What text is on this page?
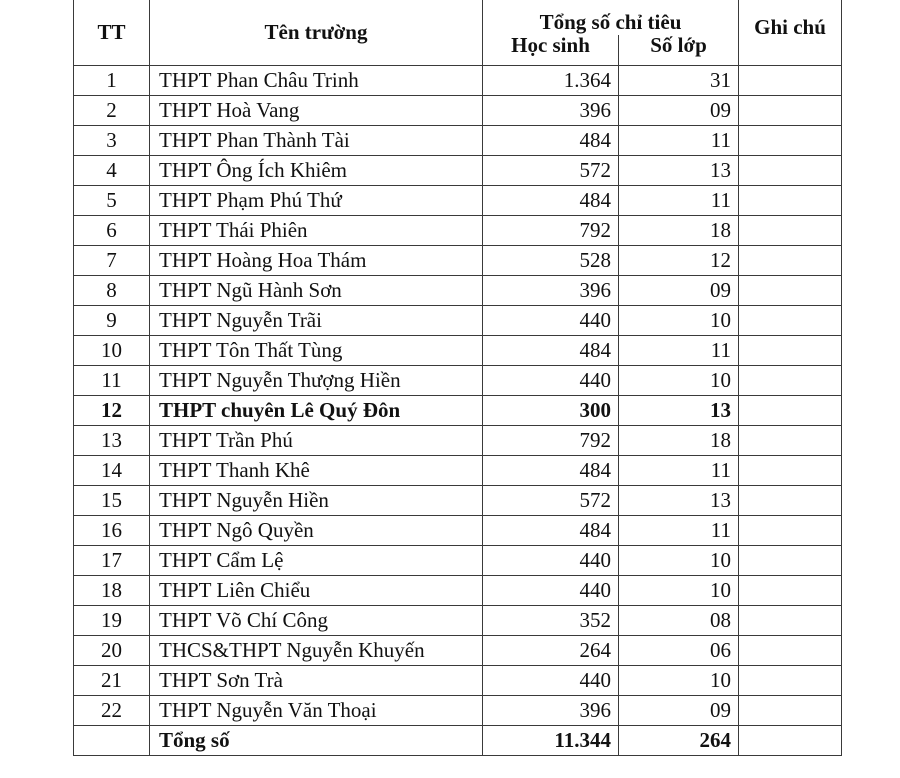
TT	Tên trường	Tổng số chỉ tiêu		Ghi chú
		Học sinh	Số lớp	
1	THPT Phan Châu Trinh	1.364	31	
2	THPT Hoà Vang	396	09	
3	THPT Phan Thành Tài	484	11	
4	THPT Ông Ích Khiêm	572	13	
5	THPT Phạm Phú Thứ	484	11	
6	THPT Thái Phiên	792	18	
7	THPT Hoàng Hoa Thám	528	12	
8	THPT Ngũ Hành Sơn	396	09	
9	THPT Nguyễn Trãi	440	10	
10	THPT Tôn Thất Tùng	484	11	
11	THPT Nguyễn Thượng Hiền	440	10	
12	THPT chuyên Lê Quý Đôn	300	13	
13	THPT Trần Phú	792	18	
14	THPT Thanh Khê	484	11	
15	THPT Nguyễn Hiền	572	13	
16	THPT Ngô Quyền	484	11	
17	THPT Cẩm Lệ	440	10	
18	THPT Liên Chiểu	440	10	
19	THPT Võ Chí Công	352	08	
20	THCS&THPT Nguyễn Khuyến	264	06	
21	THPT Sơn Trà	440	10	
22	THPT Nguyễn Văn Thoại	396	09	
	Tổng số	11.344	264	
